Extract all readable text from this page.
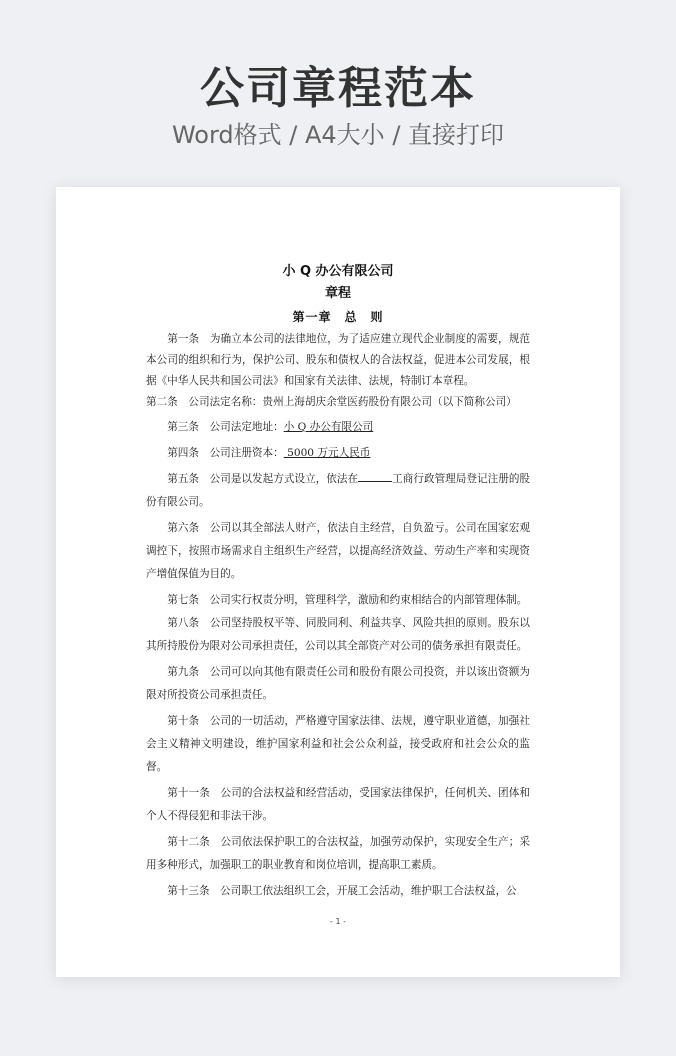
公司章程范本
Word格式 / A4大小 / 直接打印
小 Q 办公有限公司
章程
第一章　总　则

第一条 为确立本公司的法律地位，为了适应建立现代企业制度的需要，规范本公司的组织和行为，保护公司、股东和债权人的合法权益，促进本公司发展，根据《中华人民共和国公司法》和国家有关法律、法规，特制订本章程。

第二条 公司法定名称：贵州上海胡庆余堂医药股份有限公司（以下简称公司）

第三条 公司法定地址：小 Q 办公有限公司

第四条 公司注册资本： 5000 万元人民币

第五条 公司是以发起方式设立，依法在	工商行政管理局登记注册的股份有限公司。

第六条 公司以其全部法人财产，依法自主经营，自负盈亏。公司在国家宏观调控下，按照市场需求自主组织生产经营，以提高经济效益、劳动生产率和实现资产增值保值为目的。

第七条 公司实行权责分明，管理科学，激励和约束相结合的内部管理体制。

第八条 公司坚持股权平等、同股同利、利益共享、风险共担的原则。股东以其所持股份为限对公司承担责任，公司以其全部资产对公司的债务承担有限责任。

第九条 公司可以向其他有限责任公司和股份有限公司投资，并以该出资额为限对所投资公司承担责任。

第十条 公司的一切活动，严格遵守国家法律、法规，遵守职业道德，加强社会主义精神文明建设，维护国家利益和社会公众利益，接受政府和社会公众的监督。

第十一条 公司的合法权益和经营活动，受国家法律保护，任何机关、团体和个人不得侵犯和非法干涉。

第十二条 公司依法保护职工的合法权益，加强劳动保护，实现安全生产；采用多种形式，加强职工的职业教育和岗位培训，提高职工素质。

第十三条 公司职工依法组织工会，开展工会活动，维护职工合法权益，公

- 1 -
